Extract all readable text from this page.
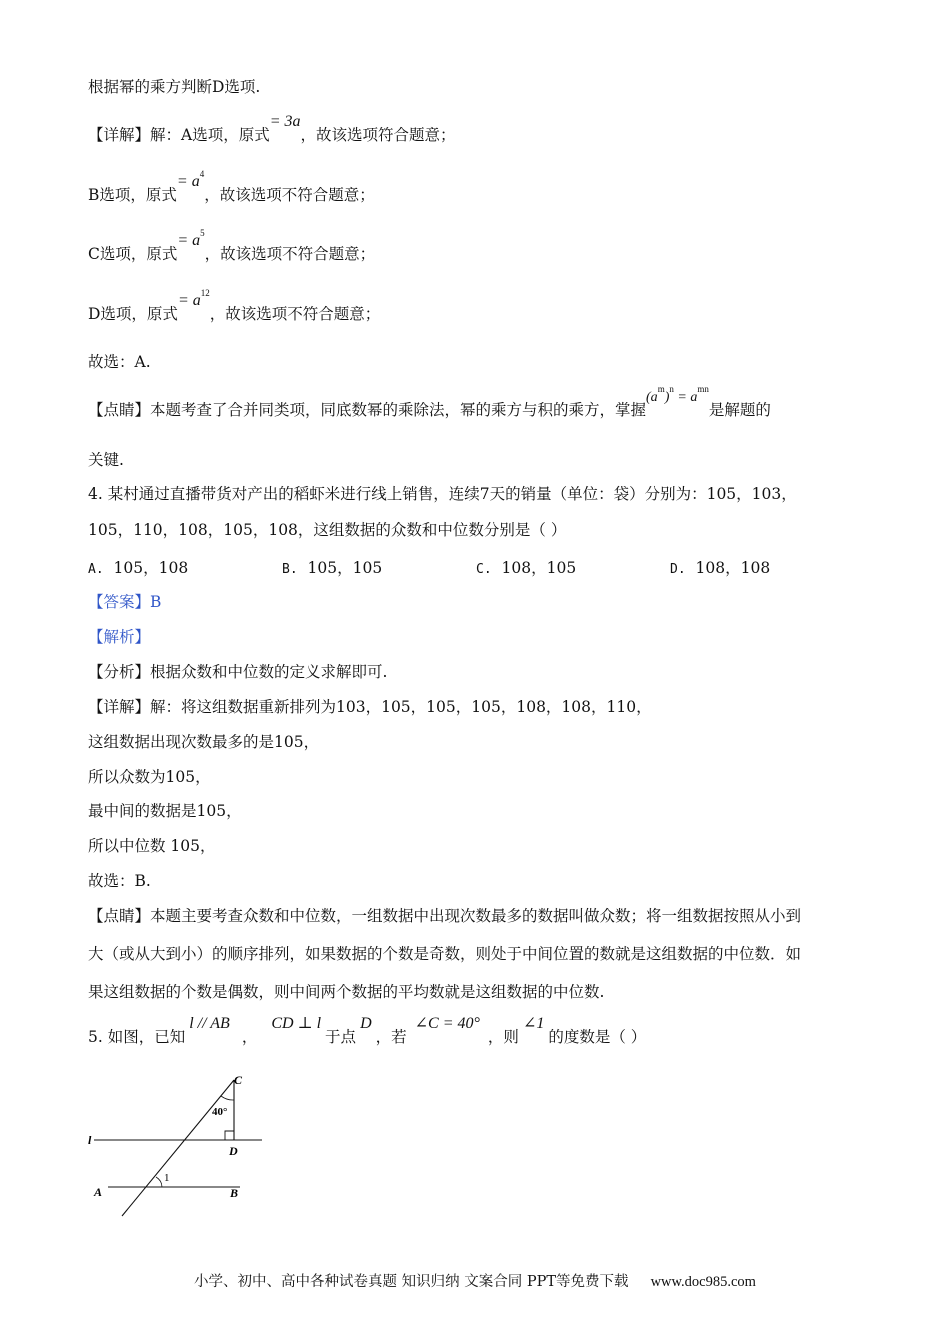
根据幂的乘方判断D选项.
【详解】解：A选项，原式= 3a，故该选项符合题意；
B选项，原式= $a^4$，故该选项不符合题意；
C选项，原式= $a^5$，故该选项不符合题意；
D选项，原式= $a^{12}$，故该选项不符合题意；
故选：A.
【点睛】本题考查了合并同类项，同底数幂的乘除法，幂的乘方与积的乘方，掌握$(a^m)^n = a^{mn}$是解题的
关键.
4. 某村通过直播带货对产出的稻虾米进行线上销售，连续7天的销量（单位：袋）分别为：105，103，
105，110，108，105，108，这组数据的众数和中位数分别是（ ）
A. 105，108	B. 105，105	C. 108，105	D. 108，108
【答案】B
【解析】
【分析】根据众数和中位数的定义求解即可.
【详解】解：将这组数据重新排列为103，105，105，105，108，108，110，
这组数据出现次数最多的是105，
所以众数为105，
最中间的数据是105，
所以中位数 105，
故选：B.
【点睛】本题主要考查众数和中位数，一组数据中出现次数最多的数据叫做众数；将一组数据按照从小到
大（或从大到小）的顺序排列，如果数据的个数是奇数，则处于中间位置的数就是这组数据的中位数．如
果这组数据的个数是偶数，则中间两个数据的平均数就是这组数据的中位数.
5. 如图，已知l // AB，CD ⊥ l于点D，若∠C = 40°，则∠1的度数是（ ）
C
40°
l
D
1
A	B
小学、初中、高中各种试卷真题 知识归纳 文案合同 PPT等免费下载 www.doc985.com
